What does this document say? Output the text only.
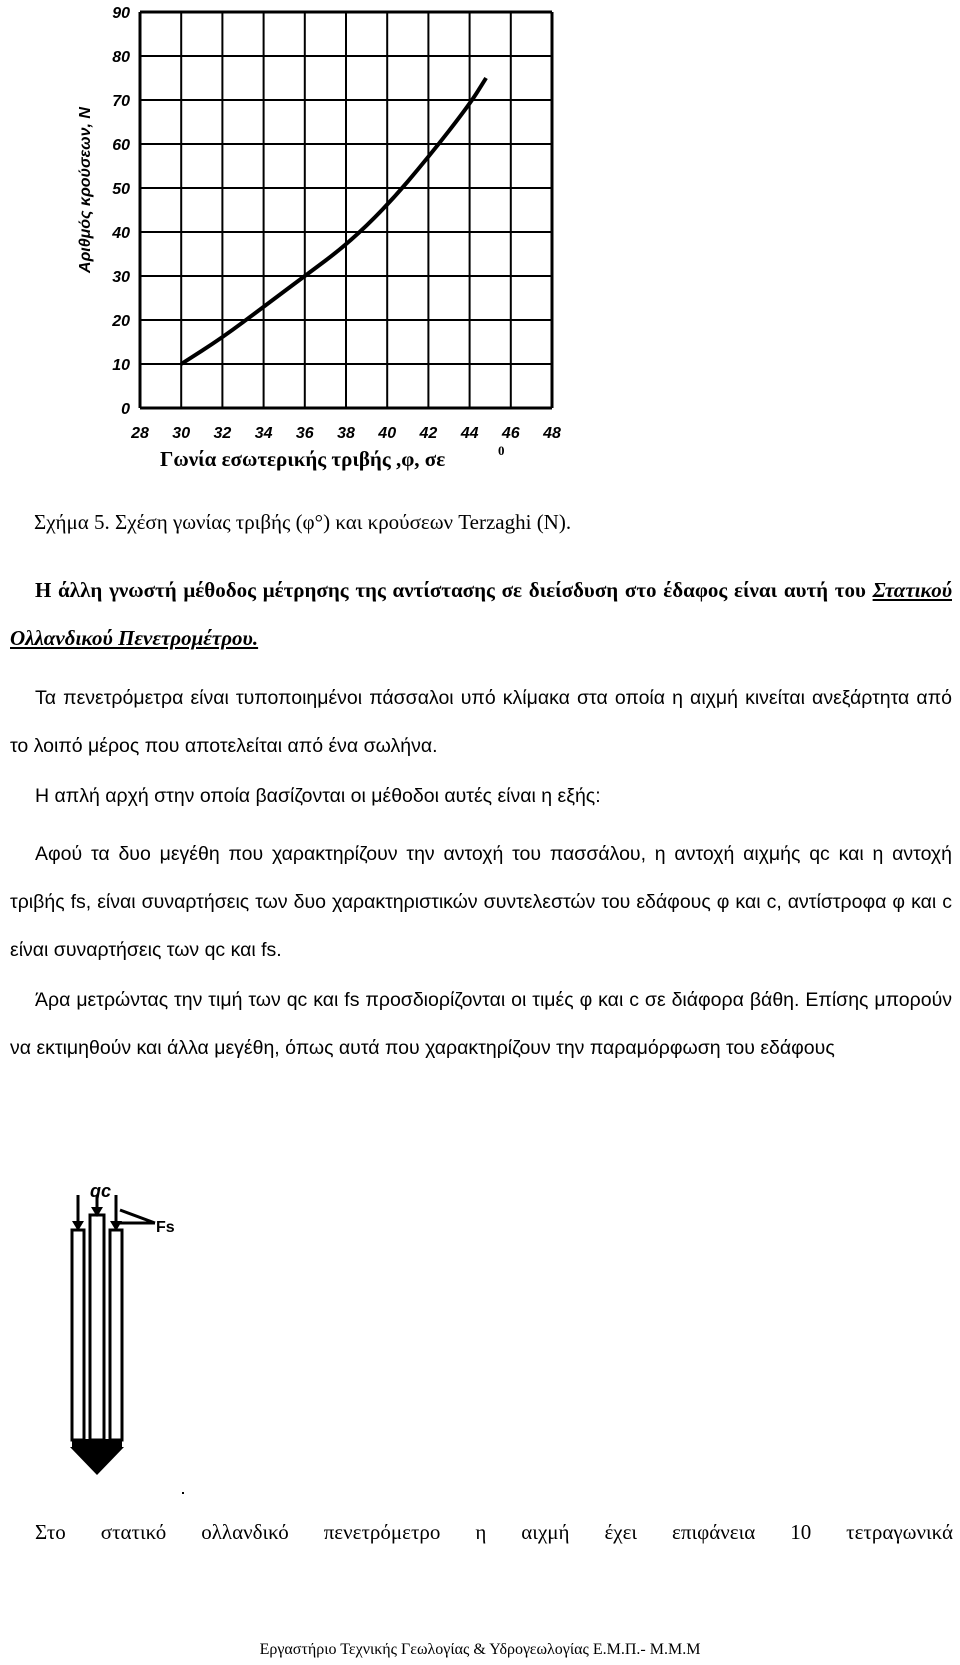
28 30 32 34 36 38 40 42 44 46 48
0
10
20
30
40
50
60
70
80
90
Αριθμός κρούσεων, Ν
Γωνία εσωτερικής τριβής ,φ, σε	0
Σχήμα 5. Σχέση γωνίας τριβής (φ°) και κρούσεων Terzaghi (N).
Η άλλη γνωστή μέθοδος μέτρησης της αντίστασης σε διείσδυση στο έδαφος είναι αυτή του Στατικού Ολλανδικού Πενετρομέτρου.
Τα πενετρόμετρα είναι τυποποιημένοι πάσσαλοι υπό κλίμακα στα οποία η αιχμή κινείται ανεξάρτητα από το λοιπό μέρος που αποτελείται από ένα σωλήνα.
Η απλή αρχή στην οποία βασίζονται οι μέθοδοι αυτές είναι η εξής:
Αφού τα δυο μεγέθη που χαρακτηρίζουν την αντοχή του πασσάλου, η αντοχή αιχμής qc και η αντοχή τριβής fs, είναι συναρτήσεις των δυο χαρακτηριστικών συντελεστών του εδάφους φ και c, αντίστροφα φ και c είναι συναρτήσεις των qc και fs.
Άρα μετρώντας την τιμή των qc και fs προσδιορίζονται οι τιμές φ και c σε διάφορα βάθη. Επίσης μπορούν να εκτιμηθούν και άλλα μεγέθη, όπως αυτά που χαρακτηρίζουν την παραμόρφωση του εδάφους
qc
Fs
Στο στατικό ολλανδικό πενετρόμετρο η αιχμή έχει επιφάνεια 10 τετραγωνικά
Εργαστήριο Τεχνικής Γεωλογίας & Υδρογεωλογίας Ε.Μ.Π.- Μ.Μ.Μ
